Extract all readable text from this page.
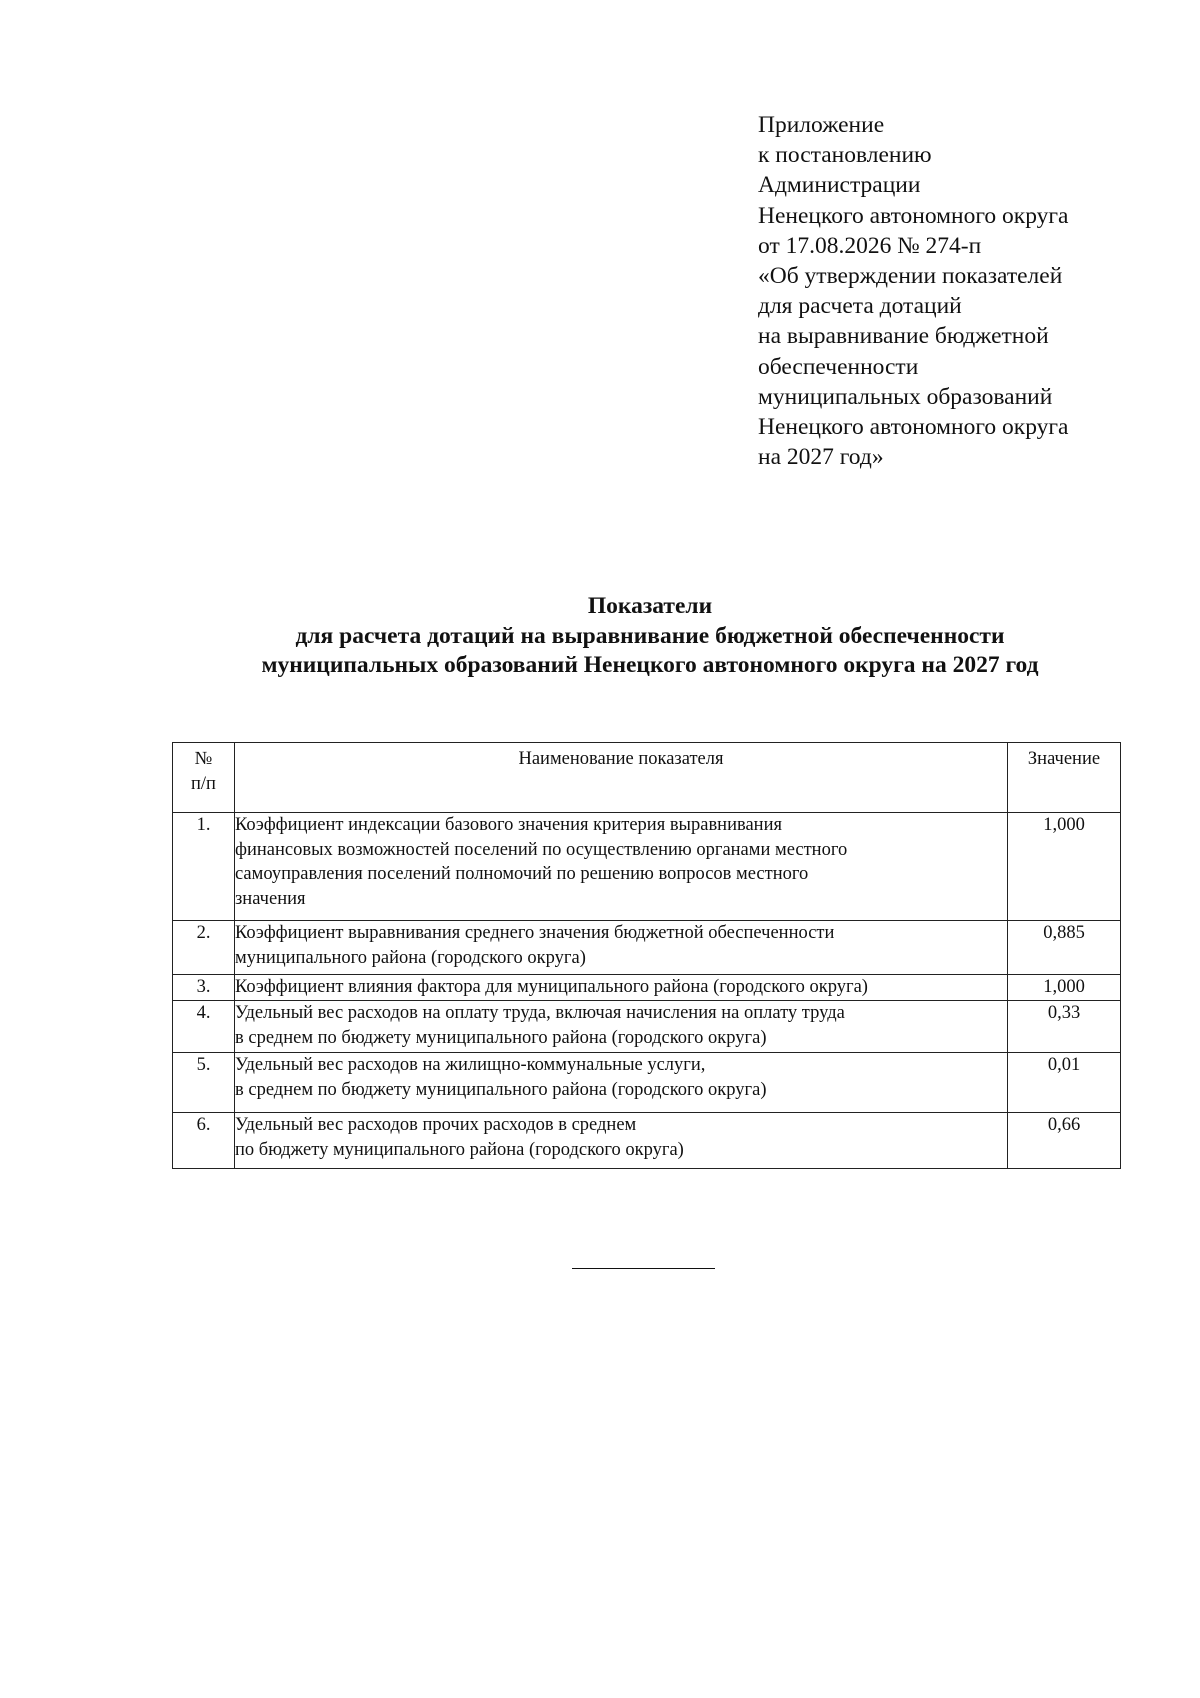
Приложение
к постановлению
Администрации
Ненецкого автономного округа
от 17.08.2026 № 274-п
«Об утверждении показателей
для расчета дотаций
на выравнивание бюджетной
обеспеченности
муниципальных образований
Ненецкого автономного округа
на 2027 год»
Показатели
для расчета дотаций на выравнивание бюджетной обеспеченности
муниципальных образований Ненецкого автономного округа на 2027 год
№
п/п	Наименование показателя	Значение
1.	Коэффициент индексации базового значения критерия выравнивания
финансовых возможностей поселений по осуществлению органами местного
самоуправления поселений полномочий по решению вопросов местного
значения	1,000
2.	Коэффициент выравнивания среднего значения бюджетной обеспеченности
муниципального района (городского округа)	0,885
3.	Коэффициент влияния фактора для муниципального района (городского округа)	1,000
4.	Удельный вес расходов на оплату труда, включая начисления на оплату труда
в среднем по бюджету муниципального района (городского округа)	0,33
5.	Удельный вес расходов на жилищно-коммунальные услуги,
в среднем по бюджету муниципального района (городского округа)	0,01
6.	Удельный вес расходов прочих расходов в среднем
по бюджету муниципального района (городского округа)	0,66
